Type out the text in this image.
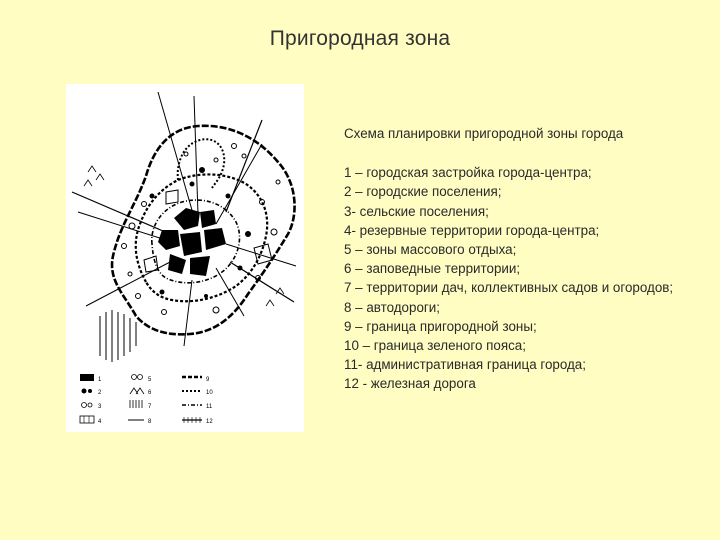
Пригородная зона
1	5	9
2	6	10
3	7	11
4	8	12
Схема планировки пригородной зоны города
1 – городская застройка города-центра;
2 – городские поселения;
3- сельские поселения;
4- резервные территории города-центра;
5 – зоны массового отдыха;
6 – заповедные территории;
7 – территории дач, коллективных садов и огородов;
8 – автодороги;
9 – граница пригородной зоны;
10 – граница зеленого пояса;
11- административная граница города;
12 - железная дорога
